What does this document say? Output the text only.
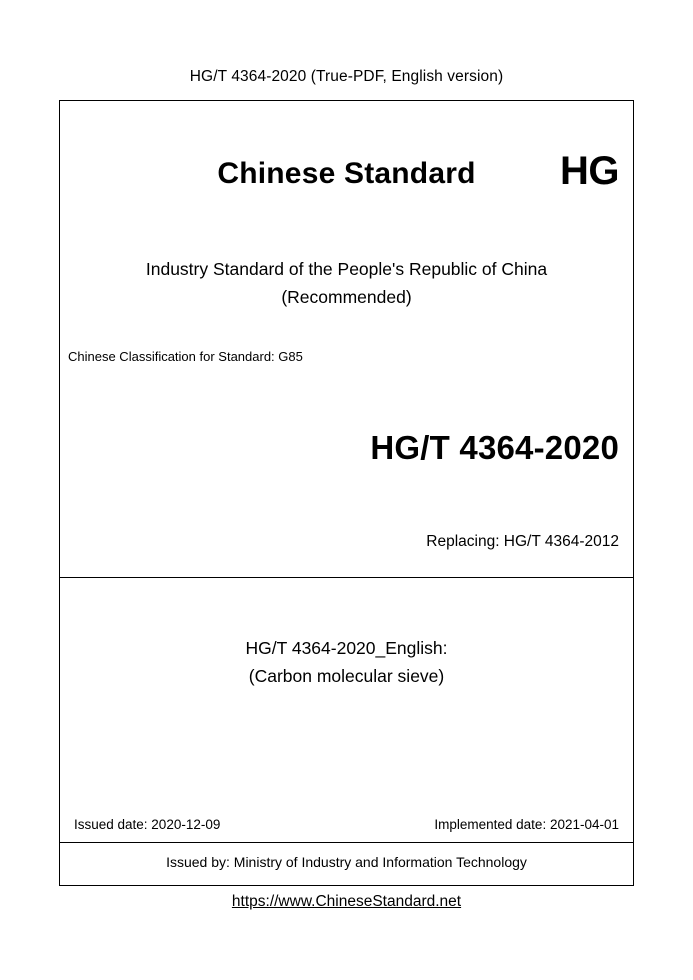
HG/T 4364-2020 (True-PDF, English version)
Chinese Standard	HG
Industry Standard of the People's Republic of China
(Recommended)
Chinese Classification for Standard: G85
HG/T 4364-2020
Replacing: HG/T 4364-2012
HG/T 4364-2020_English:
(Carbon molecular sieve)
Issued date: 2020-12-09	Implemented date: 2021-04-01
Issued by: Ministry of Industry and Information Technology
https://www.ChineseStandard.net
